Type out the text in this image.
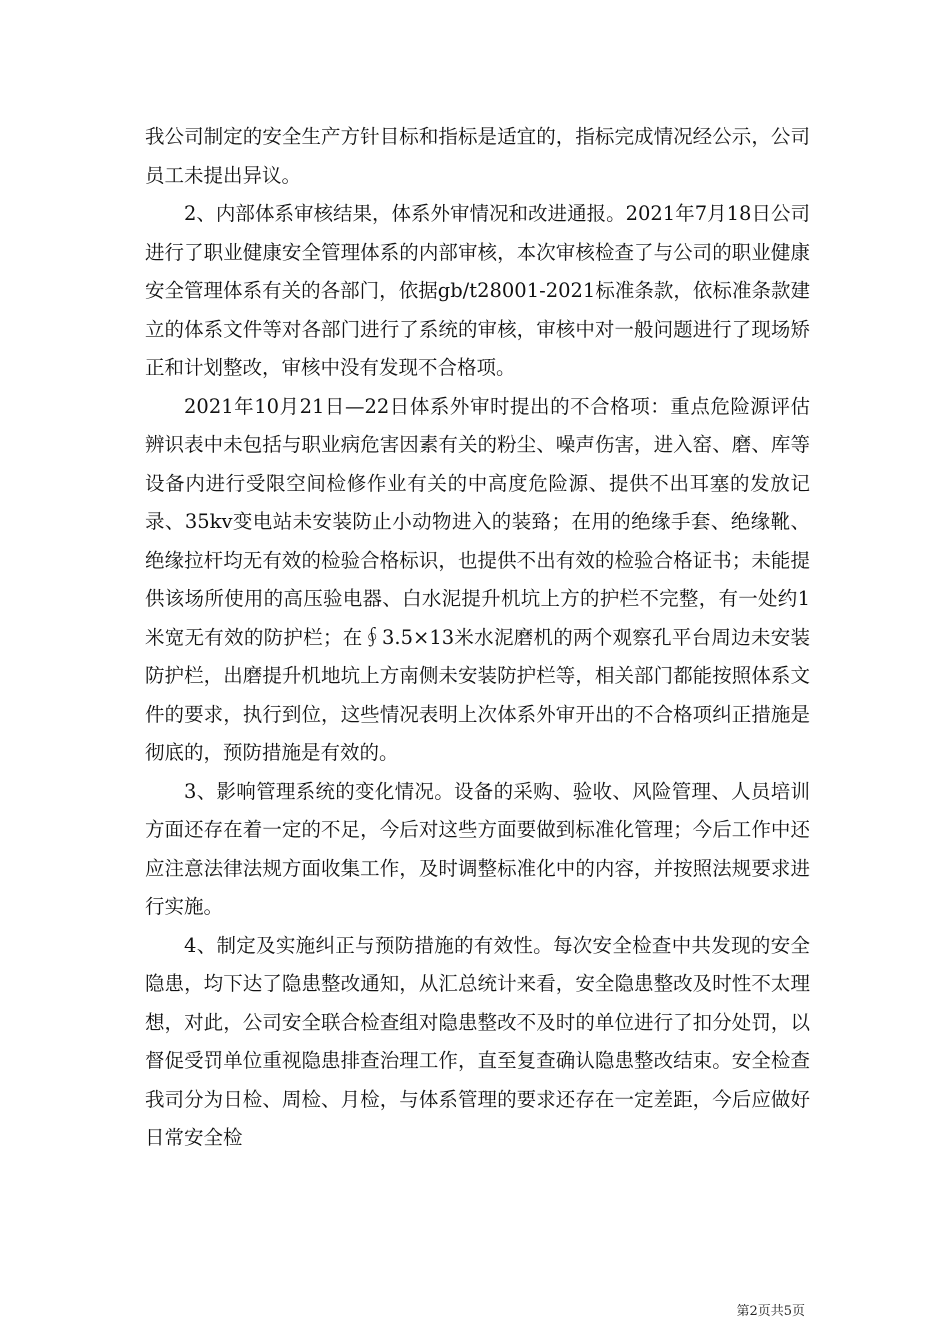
我公司制定的安全生产方针目标和指标是适宜的，指标完成情况经公示，公司员工未提出异议。

2、内部体系审核结果，体系外审情况和改进通报。2021年7月18日公司进行了职业健康安全管理体系的内部审核，本次审核检查了与公司的职业健康安全管理体系有关的各部门，依据gb/t28001-2021标准条款，依标准条款建立的体系文件等对各部门进行了系统的审核，审核中对一般问题进行了现场矫正和计划整改，审核中没有发现不合格项。

2021年10月21日—22日体系外审时提出的不合格项：重点危险源评估辨识表中未包括与职业病危害因素有关的粉尘、噪声伤害，进入窑、磨、库等设备内进行受限空间检修作业有关的中高度危险源、提供不出耳塞的发放记录、35kv变电站未安装防止小动物进入的装臵；在用的绝缘手套、绝缘靴、绝缘拉杆均无有效的检验合格标识，也提供不出有效的检验合格证书；未能提供该场所使用的高压验电器、白水泥提升机坑上方的护栏不完整，有一处约1米宽无有效的防护栏；在∮3.5×13米水泥磨机的两个观察孔平台周边未安装防护栏，出磨提升机地坑上方南侧未安装防护栏等，相关部门都能按照体系文件的要求，执行到位，这些情况表明上次体系外审开出的不合格项纠正措施是彻底的，预防措施是有效的。

3、影响管理系统的变化情况。设备的采购、验收、风险管理、人员培训方面还存在着一定的不足，今后对这些方面要做到标准化管理；今后工作中还应注意法律法规方面收集工作，及时调整标准化中的内容，并按照法规要求进行实施。

4、制定及实施纠正与预防措施的有效性。每次安全检查中共发现的安全隐患，均下达了隐患整改通知，从汇总统计来看，安全隐患整改及时性不太理想，对此，公司安全联合检查组对隐患整改不及时的单位进行了扣分处罚，以督促受罚单位重视隐患排查治理工作，直至复查确认隐患整改结束。安全检查我司分为日检、周检、月检，与体系管理的要求还存在一定差距，今后应做好日常安全检

第2页共5页
